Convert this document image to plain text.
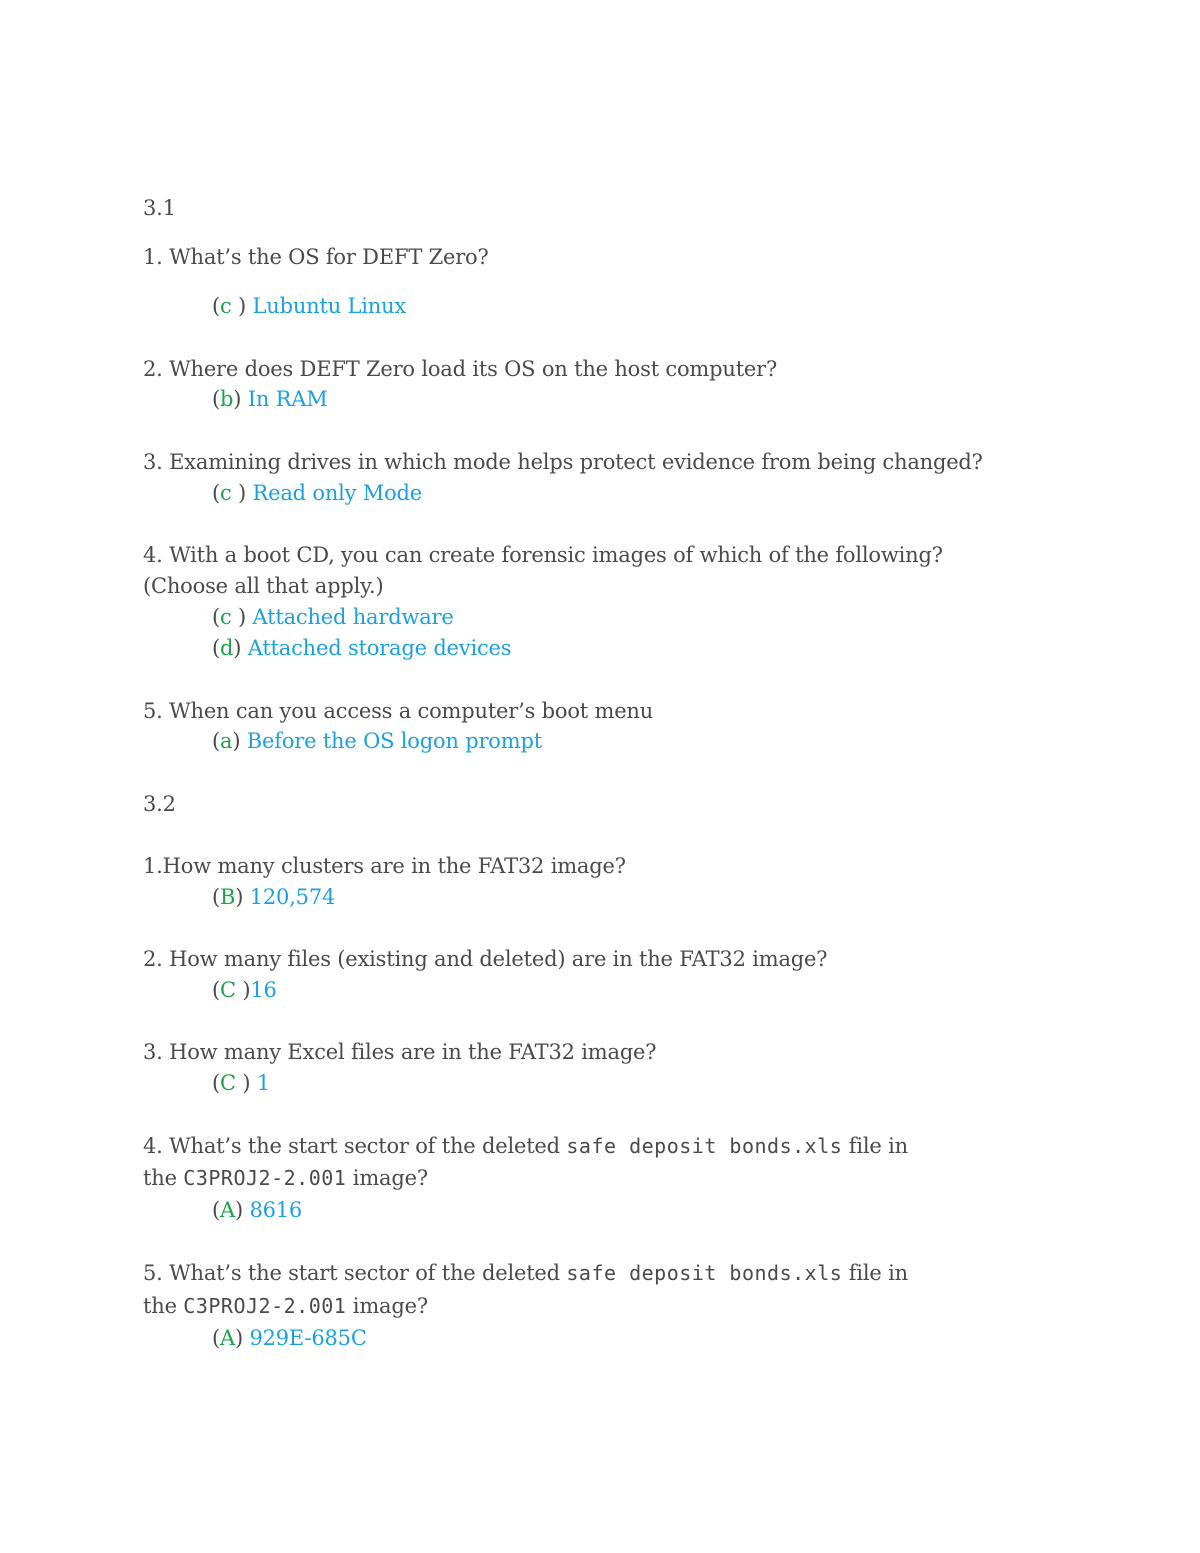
3.1
1. What’s the OS for DEFT Zero?
(c ) Lubuntu Linux
2. Where does DEFT Zero load its OS on the host computer?
(b) In RAM
3. Examining drives in which mode helps protect evidence from being changed?
(c ) Read only Mode
4. With a boot CD, you can create forensic images of which of the following?
(Choose all that apply.)
(c ) Attached hardware
(d) Attached storage devices
5. When can you access a computer’s boot menu
(a) Before the OS logon prompt
3.2
1.How many clusters are in the FAT32 image?
(B) 120,574
2. How many files (existing and deleted) are in the FAT32 image?
(C )16
3. How many Excel files are in the FAT32 image?
(C ) 1
4. What’s the start sector of the deleted safe deposit bonds.xls file in
the C3PROJ2-2.001 image?
(A) 8616
5. What’s the start sector of the deleted safe deposit bonds.xls file in
the C3PROJ2-2.001 image?
(A) 929E-685C
